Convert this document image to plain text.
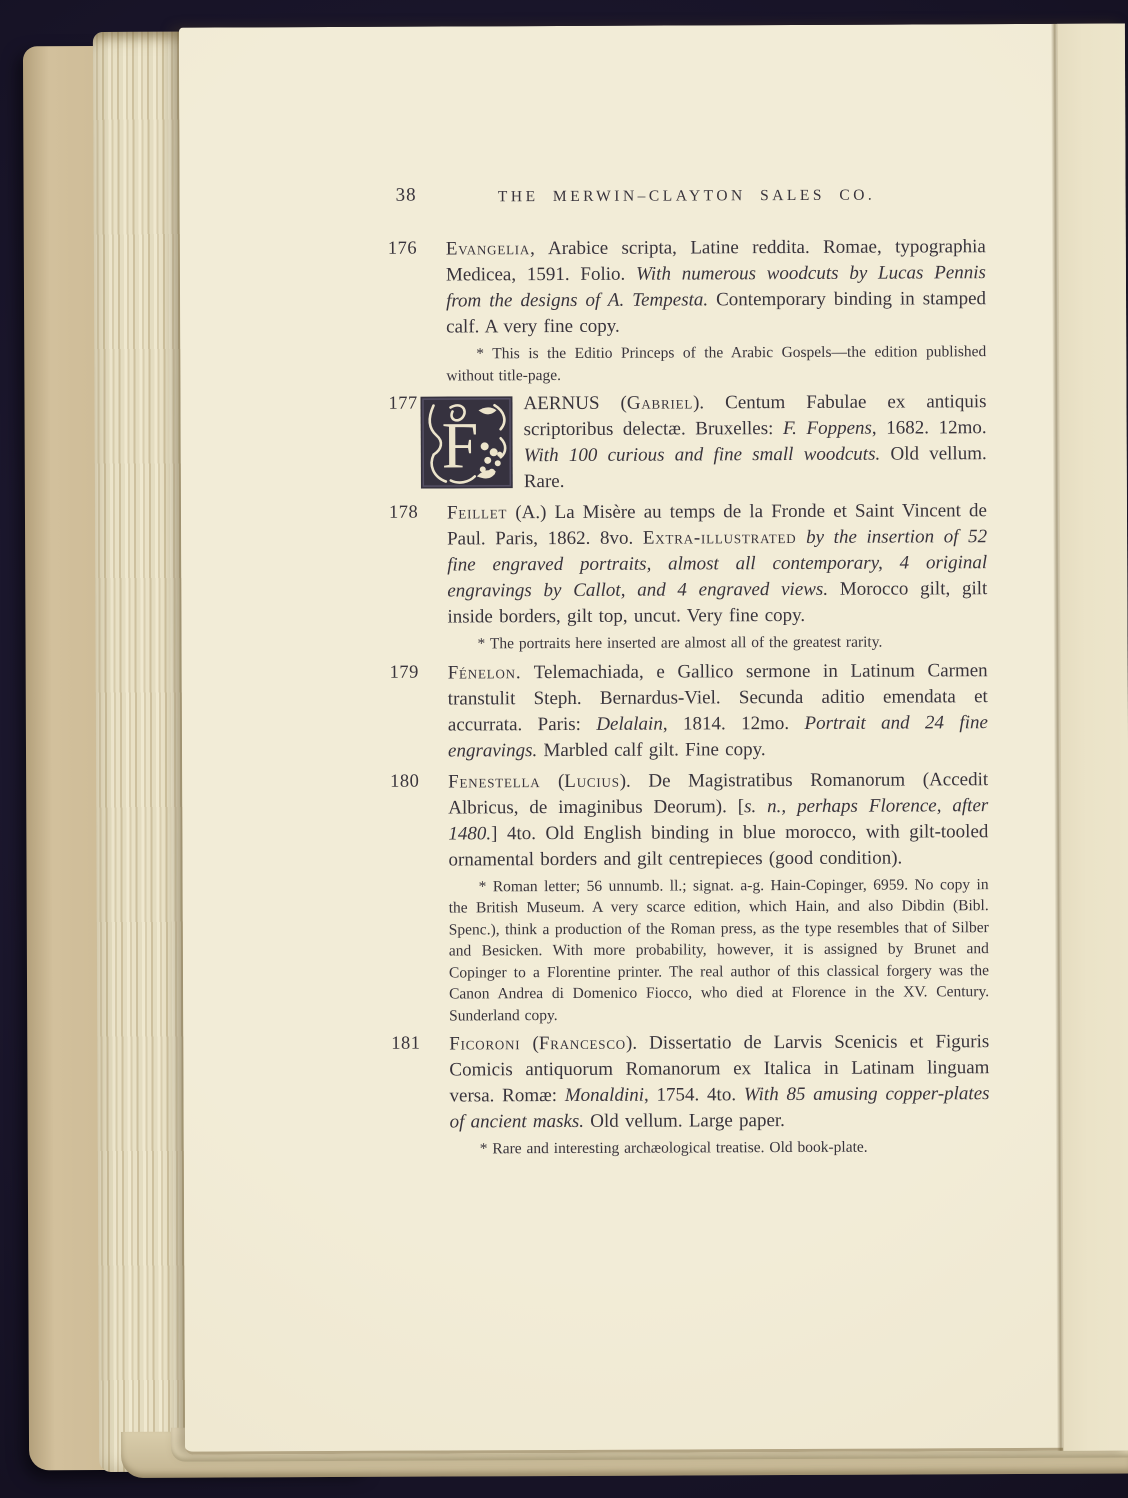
38	THE MERWIN–CLAYTON SALES CO.
176	Evangelia, Arabice scripta, Latine reddita. Romae, typographia Medicea, 1591. Folio. With numerous woodcuts by Lucas Pennis from the designs of A. Tempesta. Contemporary binding in stamped calf. A very fine copy.
* This is the Editio Princeps of the Arabic Gospels—the edition published without title-page.
177
F
AERNUS (Gabriel). Centum Fabulae ex antiquis scriptoribus delectæ. Bruxelles: F. Foppens, 1682. 12mo. With 100 curious and fine small woodcuts. Old vellum. Rare.
178	Feillet (A.) La Misère au temps de la Fronde et Saint Vincent de Paul. Paris, 1862. 8vo. Extra-illustrated by the insertion of 52 fine engraved portraits, almost all contemporary, 4 original engravings by Callot, and 4 engraved views. Morocco gilt, gilt inside borders, gilt top, uncut. Very fine copy.
* The portraits here inserted are almost all of the greatest rarity.
179	Fénelon. Telemachiada, e Gallico sermone in Latinum Carmen transtulit Steph. Bernardus-Viel. Secunda aditio emendata et accurrata. Paris: Delalain, 1814. 12mo. Portrait and 24 fine engravings. Marbled calf gilt. Fine copy.
180	Fenestella (Lucius). De Magistratibus Romanorum (Accedit Albricus, de imaginibus Deorum). [s. n., perhaps Florence, after 1480.] 4to. Old English binding in blue morocco, with gilt-tooled ornamental borders and gilt centrepieces (good condition).
* Roman letter; 56 unnumb. ll.; signat. a-g. Hain-Copinger, 6959. No copy in the British Museum. A very scarce edition, which Hain, and also Dibdin (Bibl. Spenc.), think a production of the Roman press, as the type resembles that of Silber and Besicken. With more probability, however, it is assigned by Brunet and Copinger to a Florentine printer. The real author of this classical forgery was the Canon Andrea di Domenico Fiocco, who died at Florence in the XV. Century. Sunderland copy.
181	Ficoroni (Francesco). Dissertatio de Larvis Scenicis et Figuris Comicis antiquorum Romanorum ex Italica in Latinam linguam versa. Romæ: Monaldini, 1754. 4to. With 85 amusing copper-plates of ancient masks. Old vellum. Large paper.
* Rare and interesting archæological treatise. Old book-plate.
